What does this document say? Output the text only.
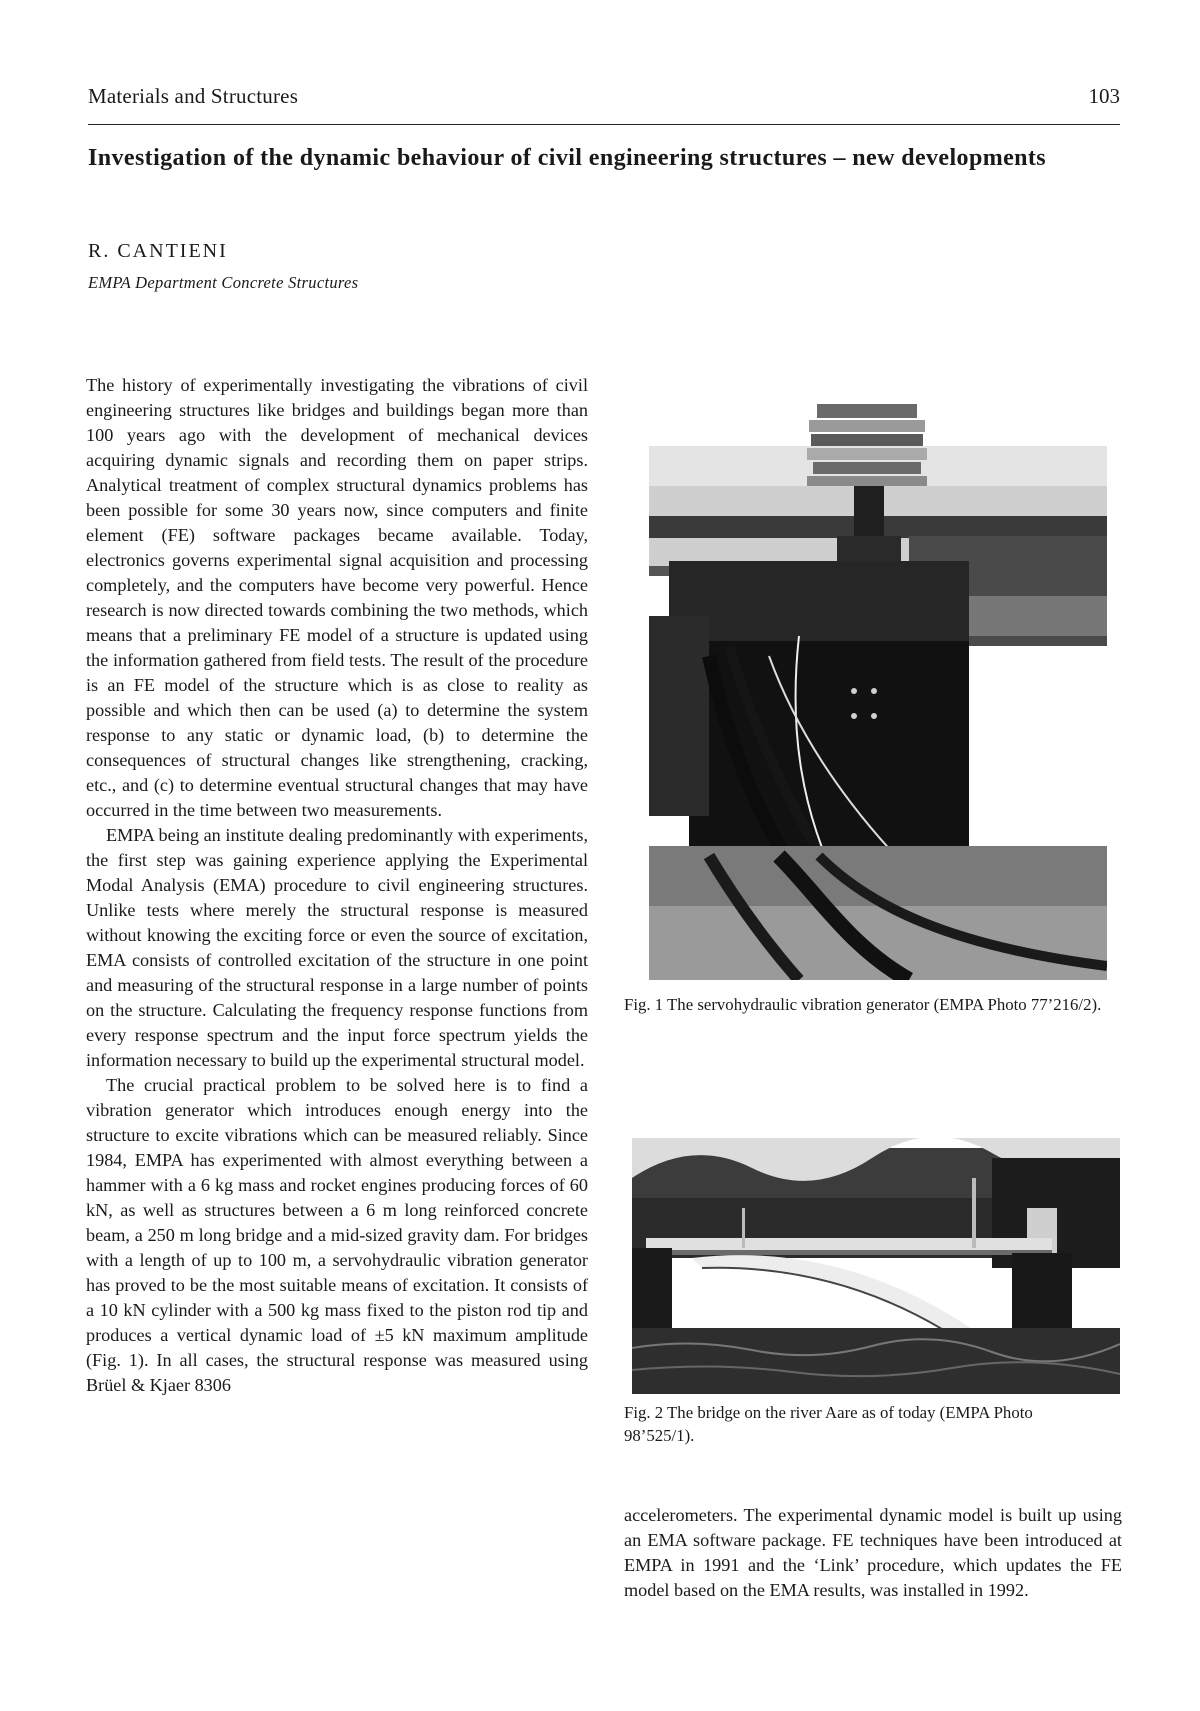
Materials and Structures	103
Investigation of the dynamic behaviour of civil engineering structures – new developments
R. CANTIENI
EMPA Department Concrete Structures

The history of experimentally investigating the vibrations of civil engineering structures like bridges and buildings began more than 100 years ago with the development of mechanical devices acquiring dynamic signals and recording them on paper strips. Analytical treatment of complex structural dynamics problems has been possible for some 30 years now, since computers and finite element (FE) software packages became available. Today, electronics governs experimental signal acquisition and processing completely, and the computers have become very powerful. Hence research is now directed towards combining the two methods, which means that a preliminary FE model of a structure is updated using the information gathered from field tests. The result of the procedure is an FE model of the structure which is as close to reality as possible and which then can be used (a) to determine the system response to any static or dynamic load, (b) to determine the consequences of structural changes like strengthening, cracking, etc., and (c) to determine eventual structural changes that may have occurred in the time between two measurements.

EMPA being an institute dealing predominantly with experiments, the first step was gaining experience applying the Experimental Modal Analysis (EMA) procedure to civil engineering structures. Unlike tests where merely the structural response is measured without knowing the exciting force or even the source of excitation, EMA consists of controlled excitation of the structure in one point and measuring of the structural response in a large number of points on the structure. Calculating the frequency response functions from every response spectrum and the input force spectrum yields the information necessary to build up the experimental structural model.

The crucial practical problem to be solved here is to find a vibration generator which introduces enough energy into the structure to excite vibrations which can be measured reliably. Since 1984, EMPA has experimented with almost everything between a hammer with a 6 kg mass and rocket engines producing forces of 60 kN, as well as structures between a 6 m long reinforced concrete beam, a 250 m long bridge and a mid-sized gravity dam. For bridges with a length of up to 100 m, a servohydraulic vibration generator has proved to be the most suitable means of excitation. It consists of a 10 kN cylinder with a 500 kg mass fixed to the piston rod tip and produces a vertical dynamic load of ±5 kN maximum amplitude (Fig. 1). In all cases, the structural response was measured using Brüel & Kjaer 8306

Fig. 1 The servohydraulic vibration generator (EMPA Photo 77’216/2).

Fig. 2 The bridge on the river Aare as of today (EMPA Photo 98’525/1).

accelerometers. The experimental dynamic model is built up using an EMA software package. FE techniques have been introduced at EMPA in 1991 and the ‘Link’ procedure, which updates the FE model based on the EMA results, was installed in 1992.
